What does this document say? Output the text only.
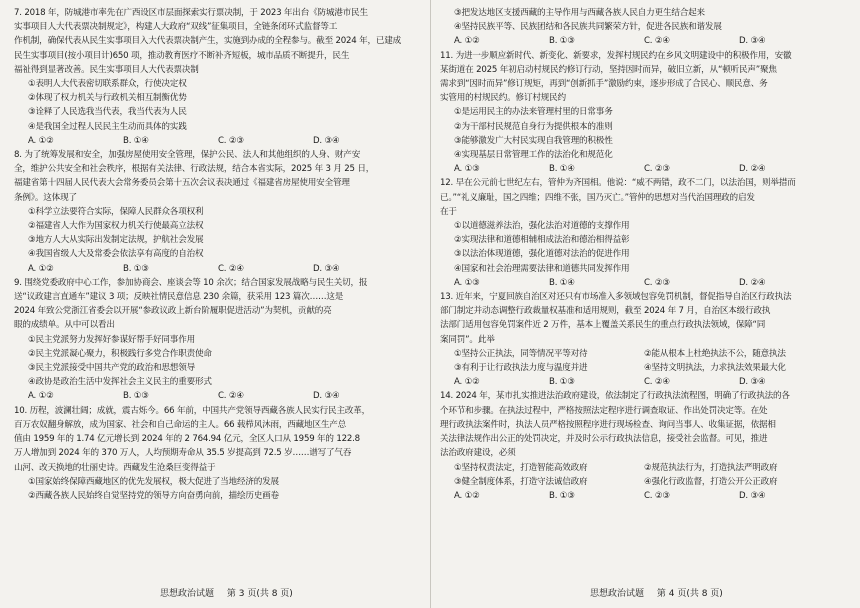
7. 2018 年，防城港市率先在广西设区市层面探索实行票决制，于 2023 年出台《防城港市民生

实事项目人大代表票决制规定》，构建人大政府“双线”征集项目，全链条闭环式监督等工

作机制，确保代表从民生实事项目入大代表票决制产生，实施到办成的全程参与。截至 2024 年，已建成

民生实事项目(按小项目计)650 项，推动教育医疗不断补齐短板，城市品质不断提升，民生

福祉得到显著改善。民生实事项目人大代表票决制

①表明人大代表密切联系群众，行使决定权

②体现了权力机关与行政机关相互制衡优势

③诠释了人民选我当代表，我当代表为人民

④是我国全过程人民民主生动而具体的实践

A. ①②	B. ①④	C. ②③	D. ③④

8. 为了统筹发展和安全，加强房屋使用安全管理，保护公民、法人和其他组织的人身、财产安

全，维护公共安全和社会秩序，根据有关法律、行政法规，结合本省实际，2025 年 3 月 25 日，

福建省第十四届人民代表大会常务委员会第十五次会议表决通过《福建省房屋使用安全管理

条例》。这体现了

①科学立法要符合实际，保障人民群众各项权利

②福建省人大作为国家权力机关行使最高立法权

③地方人大从实际出发制定法规，护航社会发展

④我国省级人大及常委会依法享有高度的自治权

A. ①②	B. ①③	C. ②④	D. ③④

9. 围绕党委政府中心工作，参加协商会、座谈会等 10 余次；结合国家发展战略与民生关切，报

送“议政建言直通车”建议 3 项；反映社情民意信息 230 余篇，获采用 123 篇次……这是

2024 年致公党浙江省委会以开展“参政议政上新台阶履职促进活动”为契机，贡献的亮

眼的成绩单。从中可以看出

①民主党派努力发挥好参谋好帮手好同事作用

②民主党派凝心聚力，积极践行多党合作职责使命

③民主党派接受中国共产党的政治和思想领导

④政协是政治生活中发挥社会主义民主的重要形式

A. ①②	B. ①③	C. ②④	D. ③④

10. 历程，波澜壮阔；成就，震古烁今。66 年前，中国共产党领导西藏各族人民实行民主改革，

百万农奴翻身解放，成为国家、社会和自己命运的主人。66 载栉风沐雨，西藏地区生产总

值由 1959 年的 1.74 亿元增长到 2024 年的 2 764.94 亿元，全区人口从 1959 年的 122.8

万人增加到 2024 年的 370 万人，人均预期寿命从 35.5 岁提高到 72.5 岁……谱写了气吞

山河、改天换地的壮丽史诗。西藏发生沧桑巨变得益于

①国家始终保障西藏地区的优先发展权，极大促进了当地经济的发展

②西藏各族人民始终自觉坚持党的领导方向奋勇向前，描绘历史画卷

③把发达地区支援西藏的主导作用与西藏各族人民自力更生结合起来

④坚持民族平等、民族团结和各民族共同繁荣方针，促进各民族和谐发展

A. ①②	B. ①③	C. ②④	D. ③④

11. 为进一步顺应新时代、新变化、新要求，发挥村规民约在乡风文明建设中的积极作用，安徽

某街道在 2025 年初启动村规民约修订行动，坚持因时而异，破旧立新，从“顿听民声”聚焦

需求到“因时而异”修订规矩，再到“创新抓手”激励约束，逐步形成了合民心、顺民意、务

实管用的村规民约。修订村规民约

①是运用民主的办法来管理村里的日常事务

②为干部村民规范自身行为提供根本的准则

③能够激发广大村民实现自我管理的积极性

④实现基层日常管理工作的法治化和规范化

A. ①③	B. ①④	C. ②③	D. ②④

12. 早在公元前七世纪左右，管仲为齐国相。他说：“威不两错，政不二门，以法治国，则举措而

已。”“礼义廉耻，国之四维；四维不张，国乃灭亡。”管仲的思想对当代治国理政的启发

在于

①以道德滋养法治，强化法治对道德的支撑作用

②实现法律和道德相辅相成法治和德治相得益彰

③以法治体现道德，强化道德对法治的促进作用

④国家和社会治理需要法律和道德共同发挥作用

A. ①③	B. ①④	C. ②③	D. ②④

13. 近年来，宁夏回族自治区对还只有市场准入多领域包容免罚机制，督促指导自治区行政执法

部门制定并动态调整行政裁量权基准和适用规则，截至 2024 年 7 月，自治区本级行政执

法部门适用包容免罚案件近 2 万件，基本上覆盖关系民生的重点行政执法领域，保障“同

案同罚”。此举

①坚持公正执法，同等情况平等对待	②能从根本上杜绝执法不公，随意执法
③有利于让行政执法力度与温度并进	④坚持文明执法，力求执法效果最大化
A. ①②	B. ①③	C. ②④	D. ③④

14. 2024 年，某市扎实推进法治政府建设，依法制定了行政执法流程图，明确了行政执法的各

个环节和步骤。在执法过程中，严格按照法定程序进行调查取证、作出处罚决定等。在处

理行政执法案件时，执法人员严格按照程序进行现场检查、询问当事人、收集证据，依据相

关法律法规作出公正的处罚决定，并及时公示行政执法信息，接受社会监督。可见，推进

法治政府建设，必须

①坚持权责法定，打造智能高效政府	②规范执法行为，打造执法严明政府
③健全制度体系，打造守法诚信政府	④强化行政监督，打造公开公正政府
A. ①②	B. ①③	C. ②③	D. ③④
思想政治试题 第 3 页(共 8 页)	思想政治试题 第 4 页(共 8 页)
